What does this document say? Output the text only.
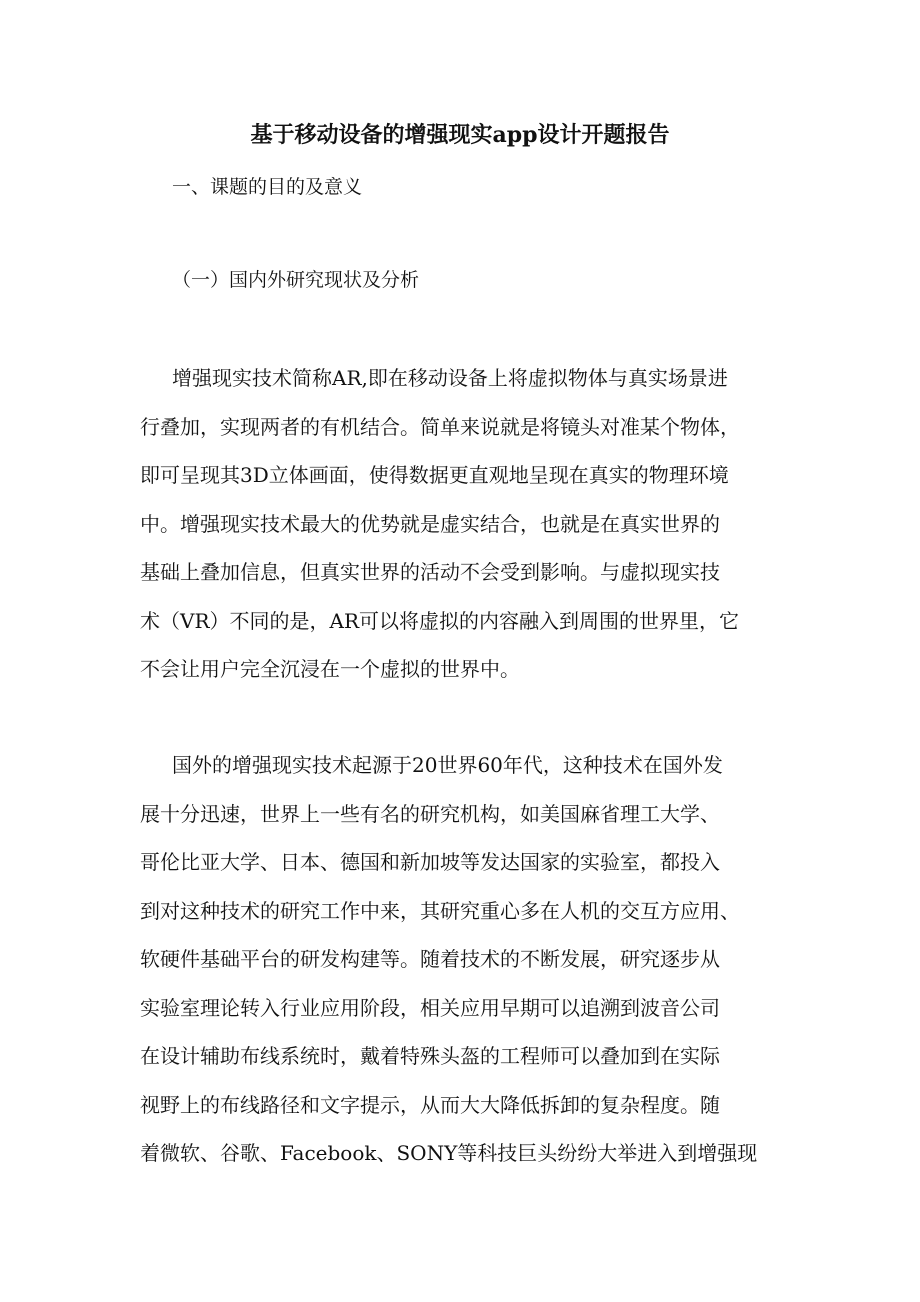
基于移动设备的增强现实app设计开题报告
一、课题的目的及意义
（一）国内外研究现状及分析
增强现实技术简称AR,即在移动设备上将虚拟物体与真实场景进
行叠加，实现两者的有机结合。简单来说就是将镜头对准某个物体，
即可呈现其3D立体画面，使得数据更直观地呈现在真实的物理环境
中。增强现实技术最大的优势就是虚实结合，也就是在真实世界的
基础上叠加信息，但真实世界的活动不会受到影响。与虚拟现实技
术（VR）不同的是，AR可以将虚拟的内容融入到周围的世界里，它
不会让用户完全沉浸在一个虚拟的世界中。
国外的增强现实技术起源于20世界60年代，这种技术在国外发
展十分迅速，世界上一些有名的研究机构，如美国麻省理工大学、
哥伦比亚大学、日本、德国和新加坡等发达国家的实验室，都投入
到对这种技术的研究工作中来，其研究重心多在人机的交互方应用、
软硬件基础平台的研发构建等。随着技术的不断发展，研究逐步从
实验室理论转入行业应用阶段，相关应用早期可以追溯到波音公司
在设计辅助布线系统时，戴着特殊头盔的工程师可以叠加到在实际
视野上的布线路径和文字提示，从而大大降低拆卸的复杂程度。随
着微软、谷歌、Facebook、SONY等科技巨头纷纷大举进入到增强现
